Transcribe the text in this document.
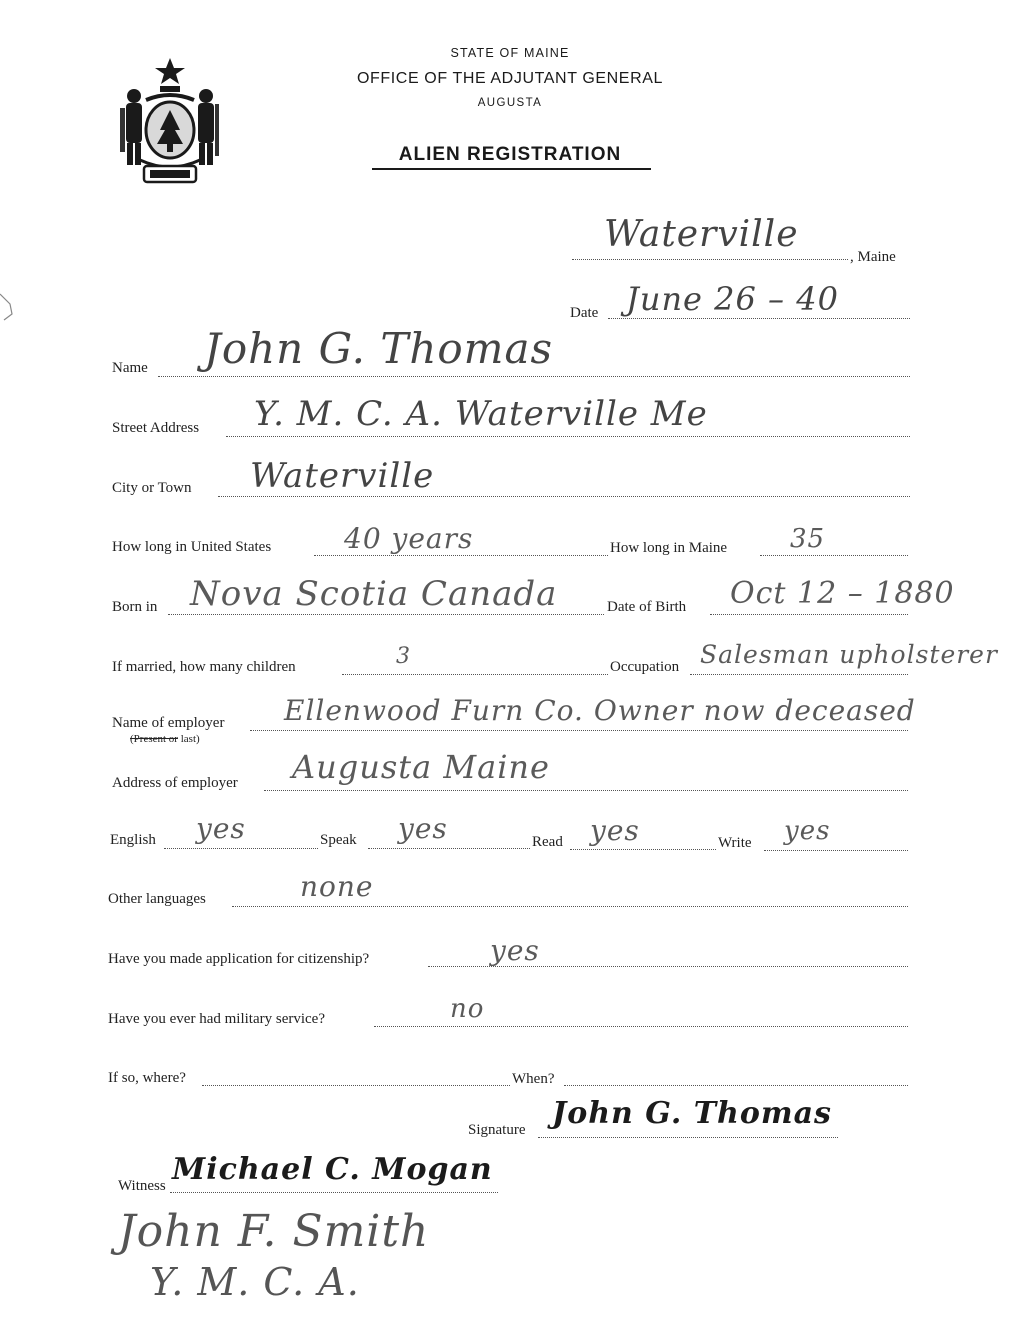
STATE OF MAINE
OFFICE OF THE ADJUTANT GENERAL
AUGUSTA
ALIEN REGISTRATION
Waterville
, Maine
Date June 26 – 40
Name John G. Thomas
Street Address Y. M. C. A. Waterville Me
City or Town Waterville
How long in United States	40 years	How long in Maine 35
Born in Nova Scotia Canada	Date of Birth Oct 12 – 1880
If married, how many children	3	Occupation Salesman upholsterer
Name of employer
(Present or last)
Ellenwood Furn Co. Owner now deceased
Address of employer Augusta Maine
English yes	Speak yes	Read yes	Write yes
Other languages	none
Have you made application for citizenship?	yes
Have you ever had military service?	no
If so, where?	When?
Signature John G. Thomas
Witness Michael C. Mogan
John F. Smith
Y. M. C. A.
